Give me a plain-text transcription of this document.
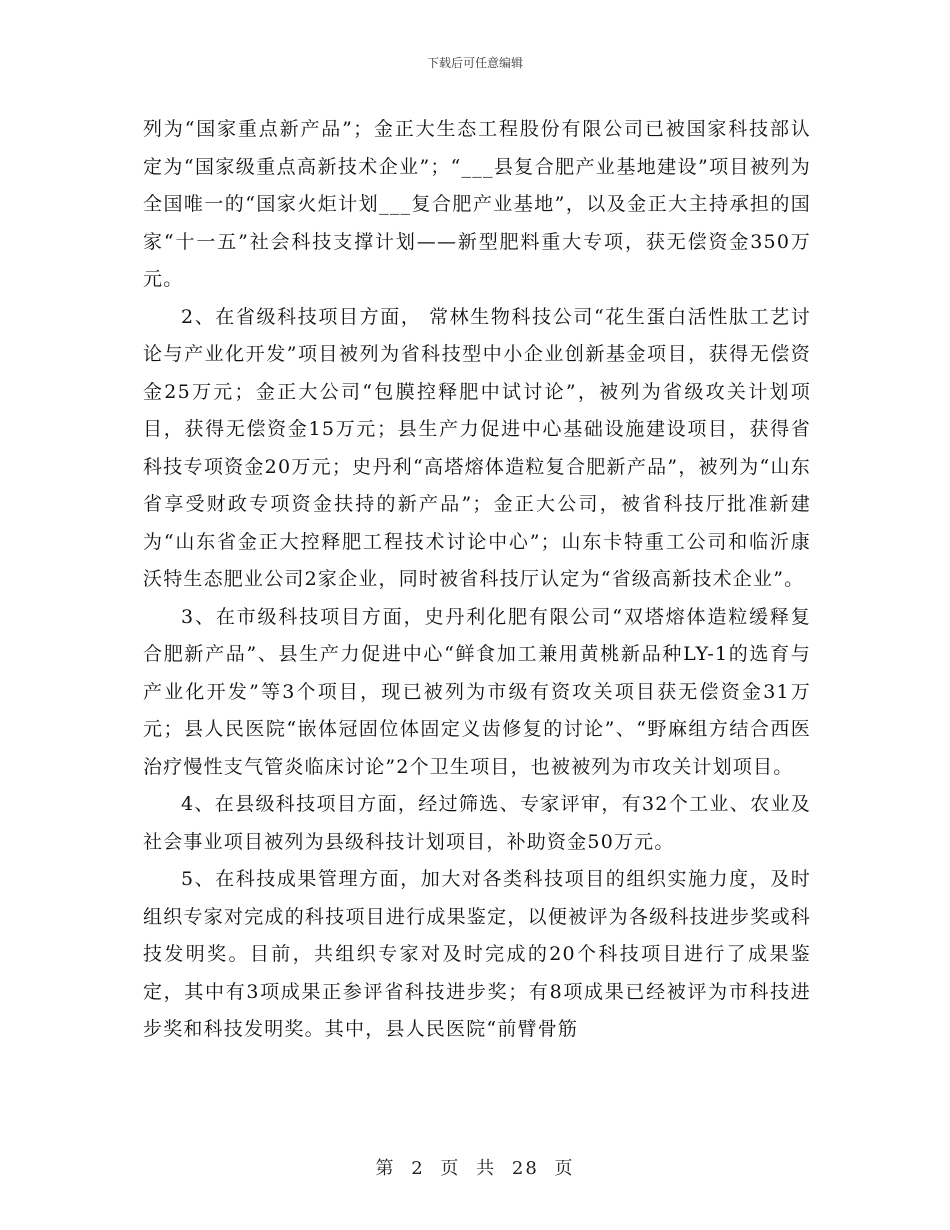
下载后可任意编辑

列为“国家重点新产品”；金正大生态工程股份有限公司已被国家科技部认定为“国家级重点高新技术企业”；“___县复合肥产业基地建设”项目被列为全国唯一的“国家火炬计划___复合肥产业基地”，以及金正大主持承担的国家“十一五”社会科技支撑计划——新型肥料重大专项，获无偿资金350万元。

2、在省级科技项目方面， 常林生物科技公司“花生蛋白活性肽工艺讨论与产业化开发”项目被列为省科技型中小企业创新基金项目，获得无偿资金25万元；金正大公司“包膜控释肥中试讨论”，被列为省级攻关计划项目，获得无偿资金15万元；县生产力促进中心基础设施建设项目，获得省科技专项资金20万元；史丹利“高塔熔体造粒复合肥新产品”，被列为“山东省享受财政专项资金扶持的新产品”；金正大公司，被省科技厅批准新建为“山东省金正大控释肥工程技术讨论中心”；山东卡特重工公司和临沂康沃特生态肥业公司2家企业，同时被省科技厅认定为“省级高新技术企业”。

3、在市级科技项目方面，史丹利化肥有限公司“双塔熔体造粒缓释复合肥新产品”、县生产力促进中心“鲜食加工兼用黄桃新品种LY-1的选育与产业化开发”等3个项目，现已被列为市级有资攻关项目获无偿资金31万元；县人民医院“嵌体冠固位体固定义齿修复的讨论”、“野麻组方结合西医治疗慢性支气管炎临床讨论”2个卫生项目，也被被列为市攻关计划项目。

4、在县级科技项目方面，经过筛选、专家评审，有32个工业、农业及社会事业项目被列为县级科技计划项目，补助资金50万元。

5、在科技成果管理方面，加大对各类科技项目的组织实施力度，及时组织专家对完成的科技项目进行成果鉴定，以便被评为各级科技进步奖或科技发明奖。目前，共组织专家对及时完成的20个科技项目进行了成果鉴定，其中有3项成果正参评省科技进步奖；有8项成果已经被评为市科技进步奖和科技发明奖。其中，县人民医院“前臂骨筋

第 2 页 共 28 页
